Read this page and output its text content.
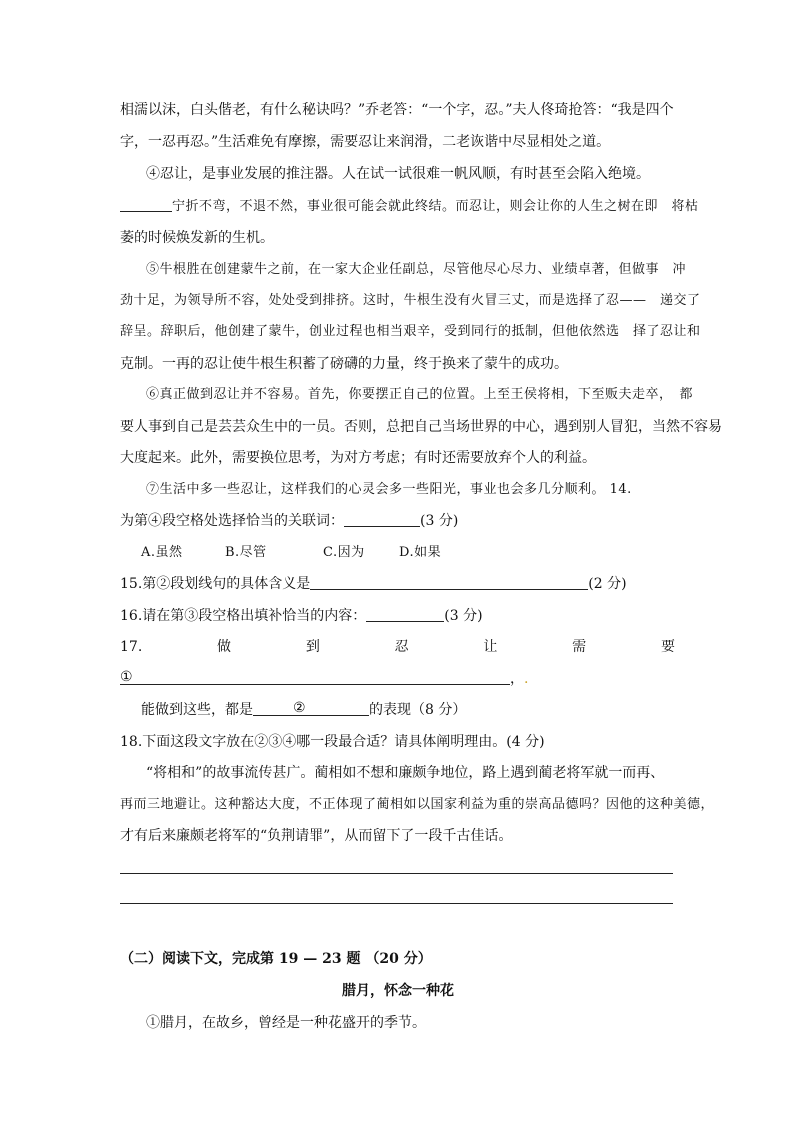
相濡以沫，白头偕老，有什么秘诀吗？”乔老答：“一个字，忍。”夫人佟琦抢答：“我是四个
字，一忍再忍。”生活难免有摩擦，需要忍让来润滑，二老诙谐中尽显相处之道。
④忍让，是事业发展的推注器。人在试一试很难一帆风顺，有时甚至会陷入绝境。
宁折不弯，不退不然，事业很可能会就此终结。而忍让，则会让你的人生之树在即　将枯
萎的时候焕发新的生机。
⑤牛根胜在创建蒙牛之前，在一家大企业任副总，尽管他尽心尽力、业绩卓著，但做事　冲
劲十足，为领导所不容，处处受到排挤。这时，牛根生没有火冒三丈，而是选择了忍——　递交了
辞呈。辞职后，他创建了蒙牛，创业过程也相当艰辛，受到同行的抵制，但他依然选　择了忍让和
克制。一再的忍让使牛根生积蓄了磅礴的力量，终于换来了蒙牛的成功。
⑥真正做到忍让并不容易。首先，你要摆正自己的位置。上至王侯将相，下至贩夫走卒，　都
要人事到自己是芸芸众生中的一员。否则，总把自己当场世界的中心，遇到别人冒犯，当然不容易
大度起来。此外，需要换位思考，为对方考虑；有时还需要放弃个人的利益。
⑦生活中多一些忍让，这样我们的心灵会多一些阳光，事业也会多几分顺利。 14.
为第④段空格处选择恰当的关联词：	(3 分)
A.虽然	B.尽管	C.因为	D.如果
15.第②段划线句的具体含义是	(2 分)
16.请在第③段空格出填补恰当的内容：	(3 分)
17.	做	到	忍	让	需	要
①	，.
能做到这些，都是	②	的表现（8 分）
18.下面这段文字放在②③④哪一段最合适？请具体阐明理由。(4 分)
“将相和”的故事流传甚广。蔺相如不想和廉颇争地位，路上遇到蔺老将军就一而再、
再而三地避让。这种豁达大度，不正体现了蔺相如以国家利益为重的崇高品德吗？因他的这种美德，
才有后来廉颇老将军的“负荆请罪”，从而留下了一段千古佳话。
（二）阅读下文，完成第 19 — 23 题 （20 分）
腊月，怀念一种花
①腊月，在故乡，曾经是一种花盛开的季节。
